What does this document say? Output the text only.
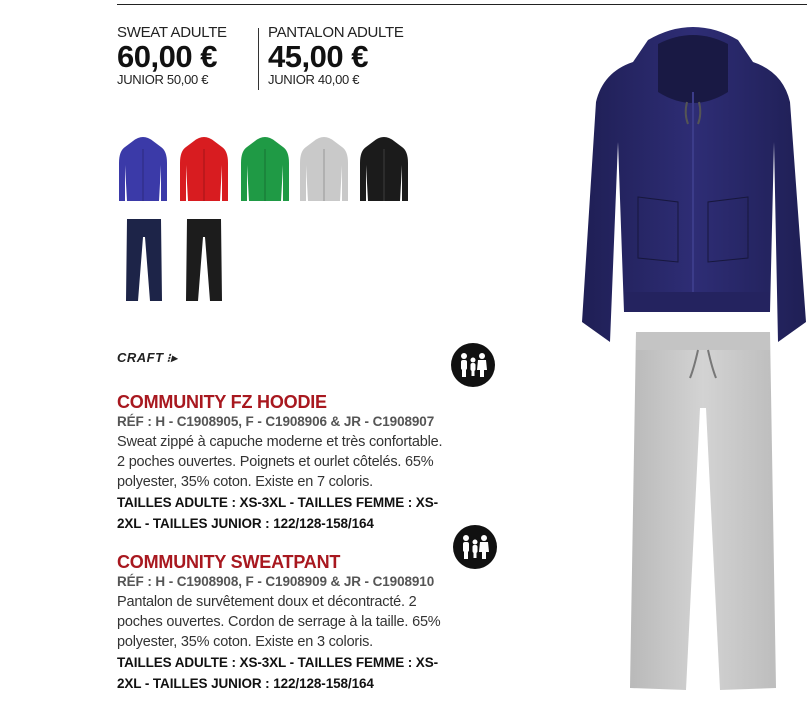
SWEAT ADULTE
60,00 €
JUNIOR 50,00 €
PANTALON ADULTE
45,00 €
JUNIOR 40,00 €
CRAFT ⁝▸
COMMUNITY FZ HOODIE
RÉF : H - C1908905, F - C1908906 & JR - C1908907
Sweat zippé à capuche moderne et très confortable.
2 poches ouvertes. Poignets et ourlet côtelés. 65%
polyester, 35% coton. Existe en 7 coloris.
TAILLES ADULTE : XS-3XL - TAILLES FEMME : XS-
2XL - TAILLES JUNIOR : 122/128-158/164
COMMUNITY SWEATPANT
RÉF : H - C1908908, F - C1908909 & JR - C1908910
Pantalon de survêtement doux et décontracté. 2
poches ouvertes. Cordon de serrage à la taille. 65%
polyester, 35% coton. Existe en 3 coloris.
TAILLES ADULTE : XS-3XL - TAILLES FEMME : XS-
2XL - TAILLES JUNIOR : 122/128-158/164
